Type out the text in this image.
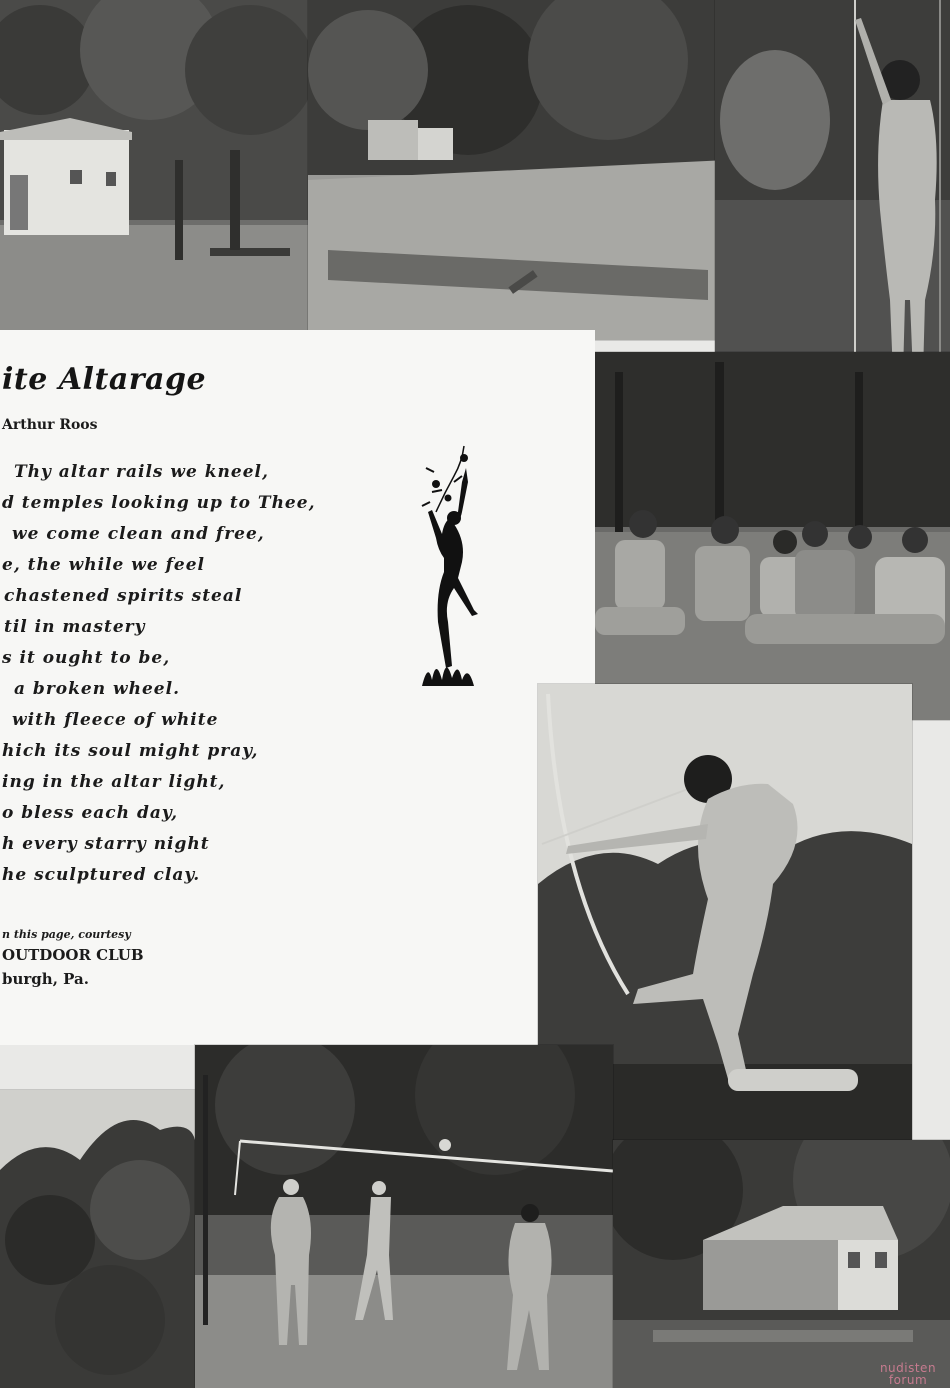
ite Altarage
Arthur Roos
Thy altar rails we kneel,
d temples looking up to Thee,
we come clean and free,
e, the while we feel
chastened spirits steal
til in mastery
s it ought to be,
a broken wheel.
with fleece of white
hich its soul might pray,
ing in the altar light,
o bless each day,
h every starry night
he sculptured clay.
n this page, courtesy
OUTDOOR CLUB
burgh, Pa.
nudisten
forum
